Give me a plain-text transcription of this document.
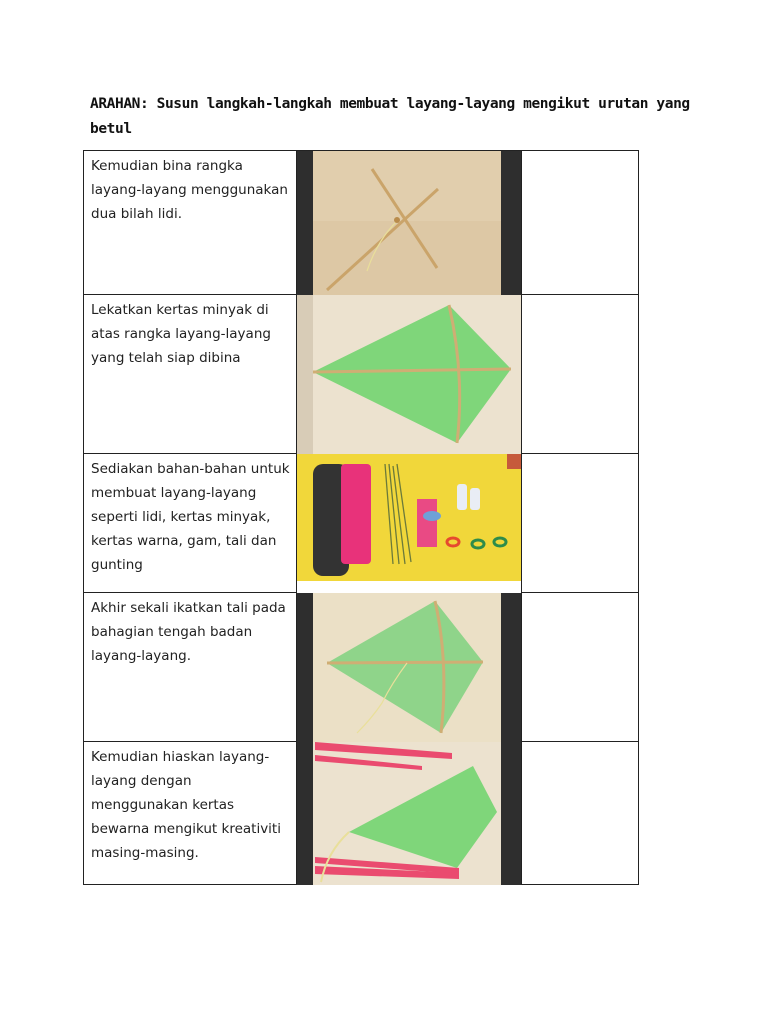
ARAHAN: Susun langkah-langkah membuat layang-layang mengikut urutan yang betul
Kemudian bina rangka layang-layang menggunakan dua bilah lidi.

Lekatkan kertas minyak di atas rangka layang-layang yang telah siap dibina

Sediakan bahan-bahan untuk membuat layang-layang seperti lidi, kertas minyak, kertas warna, gam, tali dan gunting

Akhir sekali ikatkan tali pada bahagian tengah badan layang-layang.

Kemudian hiaskan layang-layang dengan menggunakan kertas bewarna mengikut kreativiti masing-masing.
